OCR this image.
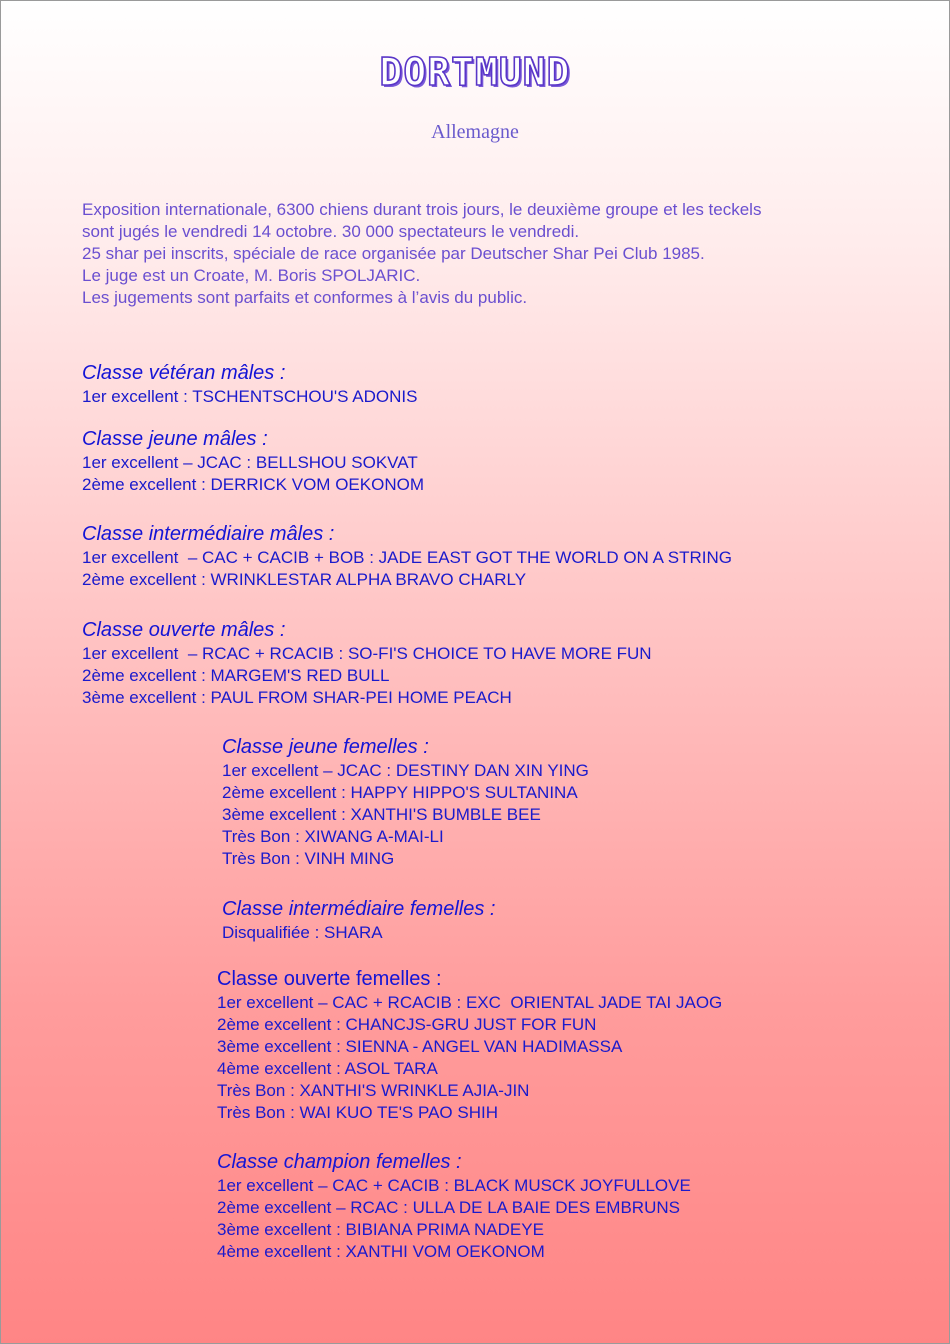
DORTMUND
Allemagne

Exposition internationale, 6300 chiens durant trois jours, le deuxième groupe et les teckels

sont jugés le vendredi 14 octobre. 30 000 spectateurs le vendredi.

25 shar pei inscrits, spéciale de race organisée par Deutscher Shar Pei Club 1985.

Le juge est un Croate, M. Boris SPOLJARIC.

Les jugements sont parfaits et conformes à l’avis du public.

Classe vétéran mâles :
1er excellent : TSCHENTSCHOU'S ADONIS
Classe jeune mâles :
1er excellent – JCAC : BELLSHOU SOKVAT
2ème excellent : DERRICK VOM OEKONOM
Classe intermédiaire mâles :
1er excellent  – CAC + CACIB + BOB : JADE EAST GOT THE WORLD ON A STRING
2ème excellent : WRINKLESTAR ALPHA BRAVO CHARLY
Classe ouverte mâles :
1er excellent  – RCAC + RCACIB : SO-FI'S CHOICE TO HAVE MORE FUN
2ème excellent : MARGEM'S RED BULL
3ème excellent : PAUL FROM SHAR-PEI HOME PEACH
Classe jeune femelles :
1er excellent – JCAC : DESTINY DAN XIN YING
2ème excellent : HAPPY HIPPO'S SULTANINA
3ème excellent : XANTHI'S BUMBLE BEE
Très Bon : XIWANG A-MAI-LI
Très Bon : VINH MING
Classe intermédiaire femelles :
Disqualifiée : SHARA
Classe ouverte femelles :
1er excellent – CAC + RCACIB : EXC  ORIENTAL JADE TAI JAOG
2ème excellent : CHANCJS-GRU JUST FOR FUN
3ème excellent : SIENNA - ANGEL VAN HADIMASSA
4ème excellent : ASOL TARA
Très Bon : XANTHI'S WRINKLE AJIA-JIN
Très Bon : WAI KUO TE'S PAO SHIH
Classe champion femelles :
1er excellent – CAC + CACIB : BLACK MUSCK JOYFULLOVE
2ème excellent – RCAC : ULLA DE LA BAIE DES EMBRUNS
3ème excellent : BIBIANA PRIMA NADEYE
4ème excellent : XANTHI VOM OEKONOM
